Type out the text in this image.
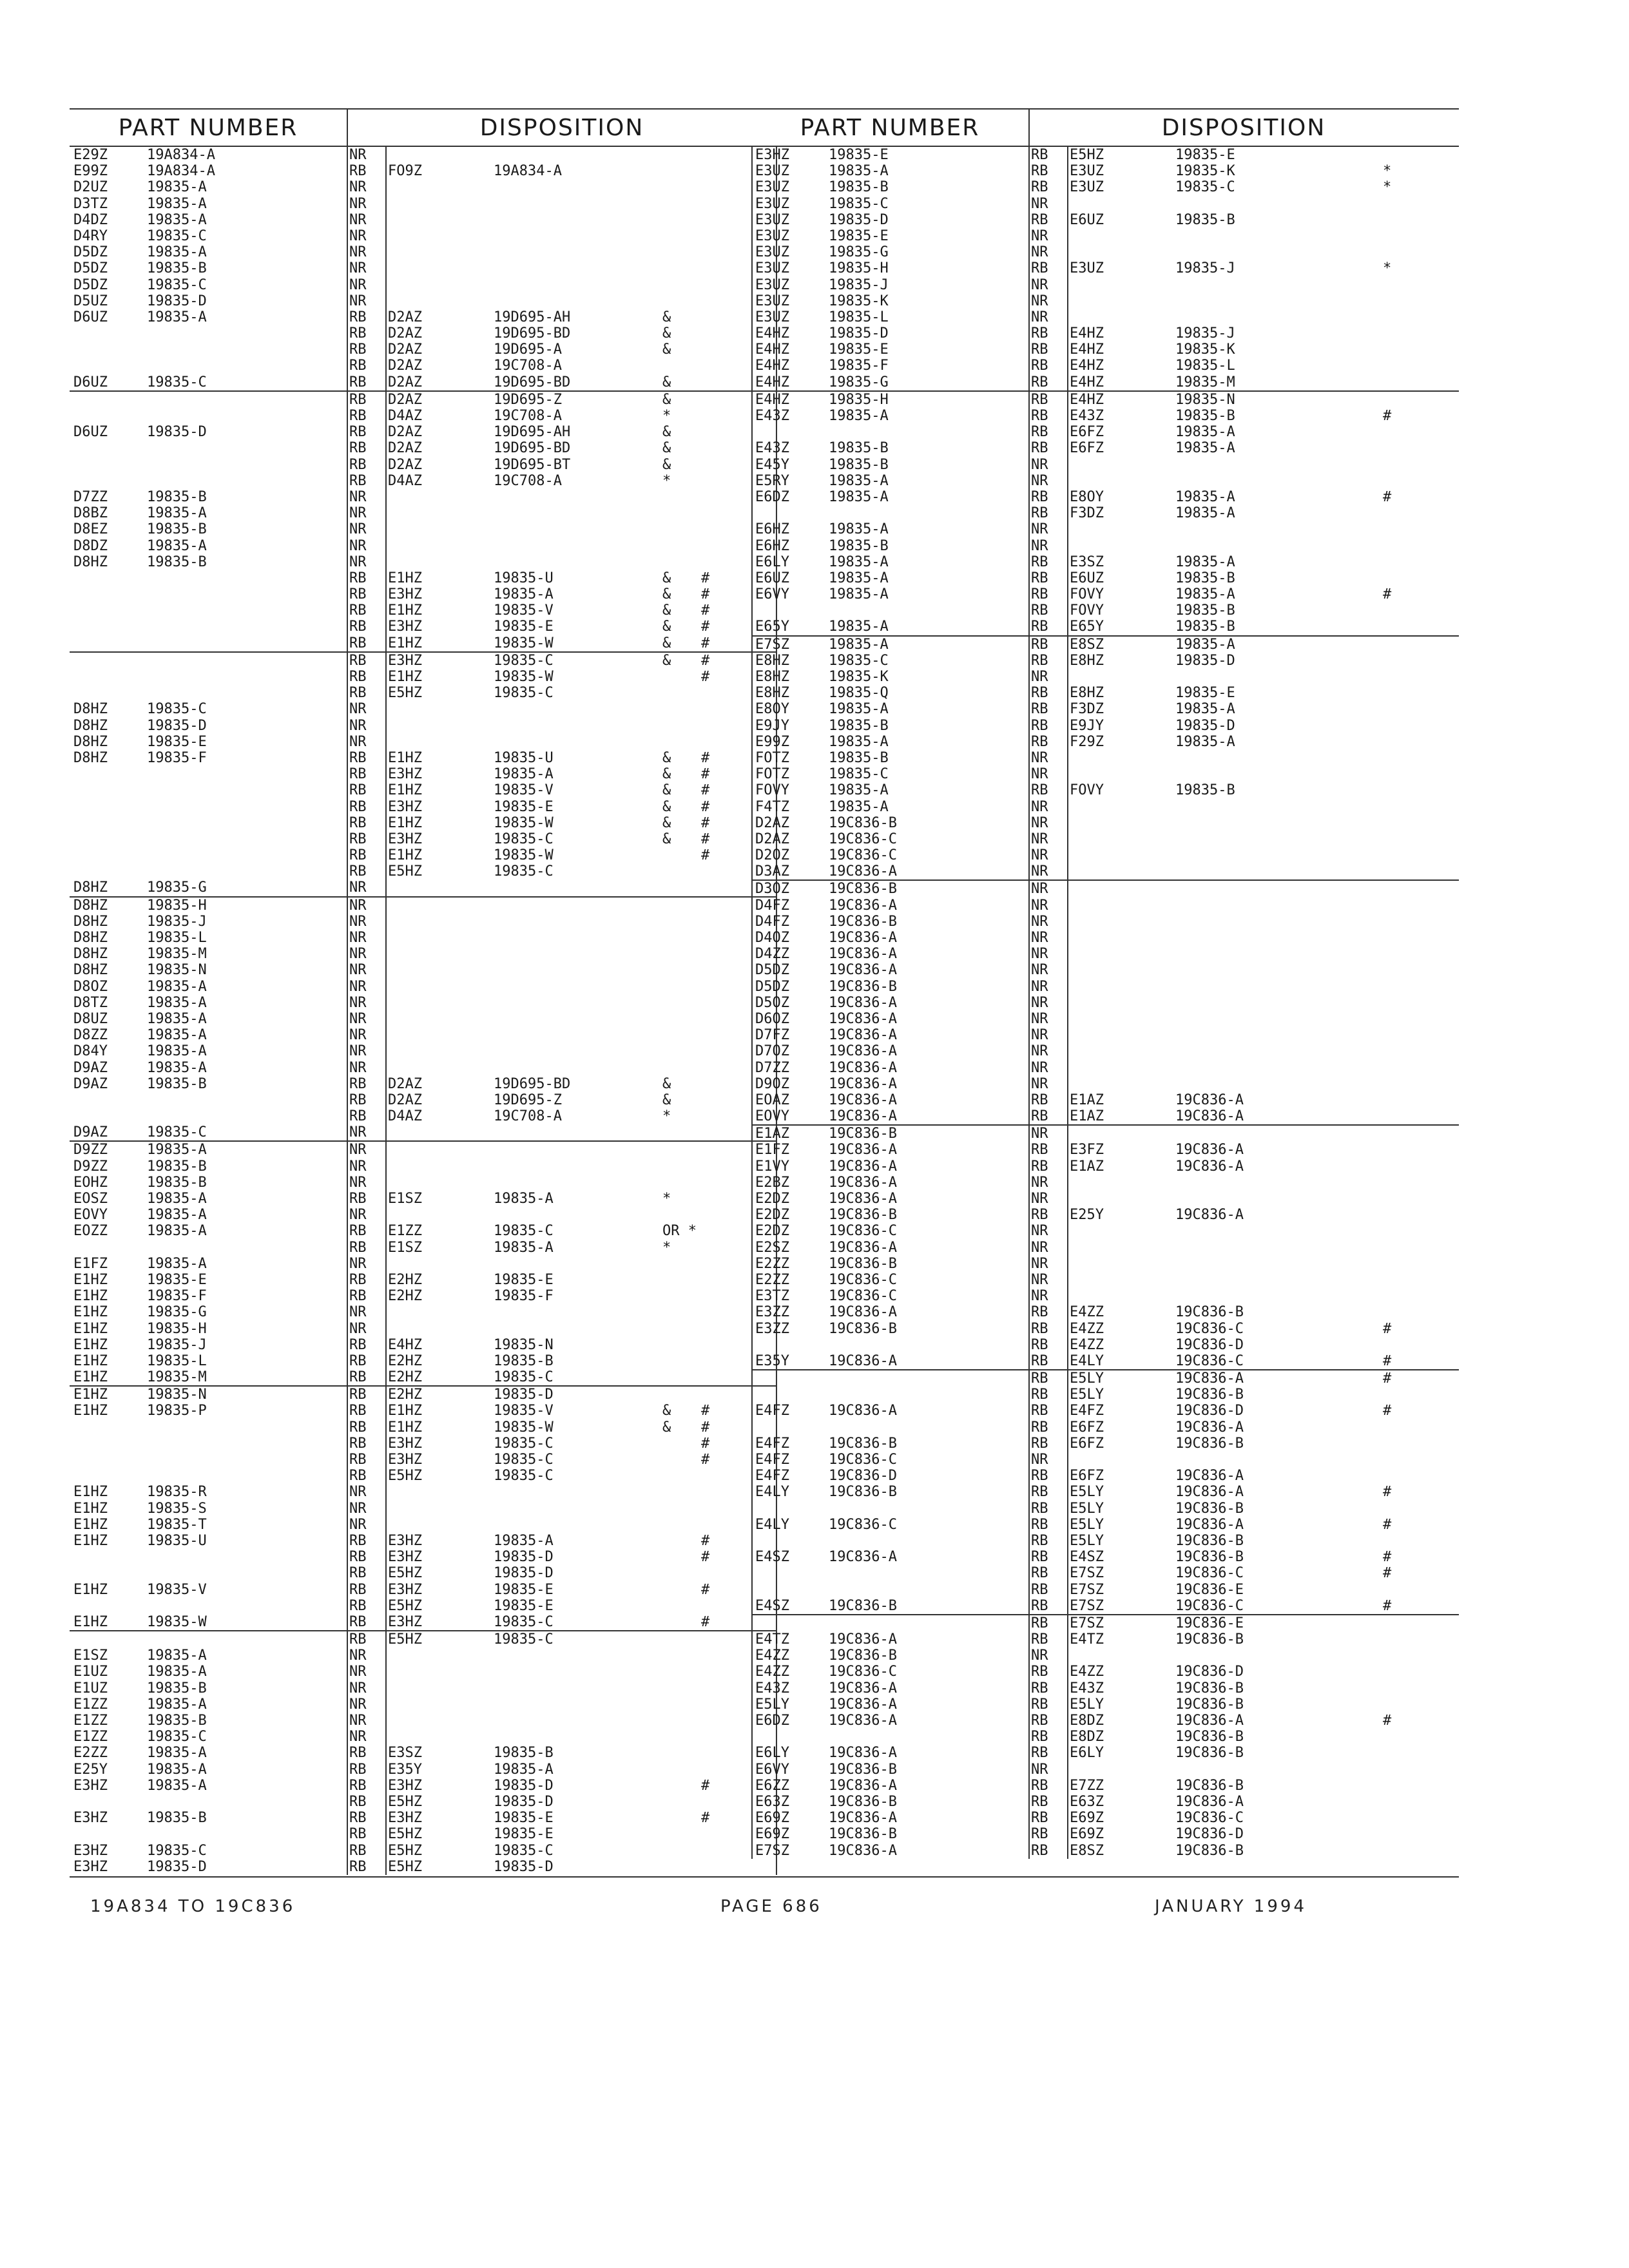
PART NUMBER	DISPOSITION
E29Z	19A834-A	NR
E99Z	19A834-A	RB FO9Z	19A834-A
D2UZ	19835-A	NR
D3TZ	19835-A	NR
D4DZ	19835-A	NR
D4RY	19835-C	NR
D5DZ	19835-A	NR
D5DZ	19835-B	NR
D5DZ	19835-C	NR
D5UZ	19835-D	NR
D6UZ	19835-A	RB D2AZ	19D695-AH	&
RB D2AZ	19D695-BD	&
RB D2AZ	19D695-A	&
RB D2AZ	19C708-A
D6UZ	19835-C	RB D2AZ	19D695-BD	&
RB D2AZ	19D695-Z	&
RB D4AZ	19C708-A	*
D6UZ	19835-D	RB D2AZ	19D695-AH	&
RB D2AZ	19D695-BD	&
RB D2AZ	19D695-BT	&
RB D4AZ	19C708-A	*
D7ZZ	19835-B	NR
D8BZ	19835-A	NR
D8EZ	19835-B	NR
D8DZ	19835-A	NR
D8HZ	19835-B	NR
RB E1HZ	19835-U	& #
RB E3HZ	19835-A	& #
RB E1HZ	19835-V	& #
RB E3HZ	19835-E	& #
RB E1HZ	19835-W	& #
RB E3HZ	19835-C	& #
RB E1HZ	19835-W	#
RB E5HZ	19835-C
D8HZ	19835-C	NR
D8HZ	19835-D	NR
D8HZ	19835-E	NR
D8HZ	19835-F	RB E1HZ	19835-U	& #
RB E3HZ	19835-A	& #
RB E1HZ	19835-V	& #
RB E3HZ	19835-E	& #
RB E1HZ	19835-W	& #
RB E3HZ	19835-C	& #
RB E1HZ	19835-W	#
RB E5HZ	19835-C
D8HZ	19835-G	NR
D8HZ	19835-H	NR
D8HZ	19835-J	NR
D8HZ	19835-L	NR
D8HZ	19835-M	NR
D8HZ	19835-N	NR
D8OZ	19835-A	NR
D8TZ	19835-A	NR
D8UZ	19835-A	NR
D8ZZ	19835-A	NR
D84Y	19835-A	NR
D9AZ	19835-A	NR
D9AZ	19835-B	RB D2AZ	19D695-BD	&
RB D2AZ	19D695-Z	&
RB D4AZ	19C708-A	*
D9AZ	19835-C	NR
D9ZZ	19835-A	NR
D9ZZ	19835-B	NR
EOHZ	19835-B	NR
EOSZ	19835-A	RB E1SZ	19835-A	*
EOVY	19835-A	NR
EOZZ	19835-A	RB E1ZZ	19835-C	OR *
RB E1SZ	19835-A	*
E1FZ	19835-A	NR
E1HZ	19835-E	RB E2HZ	19835-E
E1HZ	19835-F	RB E2HZ	19835-F
E1HZ	19835-G	NR
E1HZ	19835-H	NR
E1HZ	19835-J	RB E4HZ	19835-N
E1HZ	19835-L	RB E2HZ	19835-B
E1HZ	19835-M	RB E2HZ	19835-C
E1HZ	19835-N	RB E2HZ	19835-D
E1HZ	19835-P	RB E1HZ	19835-V	& #
RB E1HZ	19835-W	& #
RB E3HZ	19835-C	#
RB E3HZ	19835-C	#
RB E5HZ	19835-C
E1HZ	19835-R	NR
E1HZ	19835-S	NR
E1HZ	19835-T	NR
E1HZ	19835-U	RB E3HZ	19835-A	#
RB E3HZ	19835-D	#
RB E5HZ	19835-D
E1HZ	19835-V	RB E3HZ	19835-E	#
RB E5HZ	19835-E
E1HZ	19835-W	RB E3HZ	19835-C	#
RB E5HZ	19835-C
E1SZ	19835-A	NR
E1UZ	19835-A	NR
E1UZ	19835-B	NR
E1ZZ	19835-A	NR
E1ZZ	19835-B	NR
E1ZZ	19835-C	NR
E2ZZ	19835-A	RB E3SZ	19835-B
E25Y	19835-A	RB E35Y	19835-A
E3HZ	19835-A	RB E3HZ	19835-D	#
RB E5HZ	19835-D
E3HZ	19835-B	RB E3HZ	19835-E	#
RB E5HZ	19835-E
E3HZ	19835-C	RB E5HZ	19835-C
E3HZ	19835-D	RB E5HZ	19835-D
PART NUMBER	DISPOSITION
E3HZ	19835-E	RB E5HZ	19835-E
E3UZ	19835-A	RB E3UZ	19835-K	*
E3UZ	19835-B	RB E3UZ	19835-C	*
E3UZ	19835-C	NR
E3UZ	19835-D	RB E6UZ	19835-B
E3UZ	19835-E	NR
E3UZ	19835-G	NR
E3UZ	19835-H	RB E3UZ	19835-J	*
E3UZ	19835-J	NR
E3UZ	19835-K	NR
E3UZ	19835-L	NR
E4HZ	19835-D	RB E4HZ	19835-J
E4HZ	19835-E	RB E4HZ	19835-K
E4HZ	19835-F	RB E4HZ	19835-L
E4HZ	19835-G	RB E4HZ	19835-M
E4HZ	19835-H	RB E4HZ	19835-N
E43Z	19835-A	RB E43Z	19835-B	#
RB E6FZ	19835-A
E43Z	19835-B	RB E6FZ	19835-A
E45Y	19835-B	NR
E5RY	19835-A	NR
E6DZ	19835-A	RB E8OY	19835-A	#
RB F3DZ	19835-A
E6HZ	19835-A	NR
E6HZ	19835-B	NR
E6LY	19835-A	RB E3SZ	19835-A
E6UZ	19835-A	RB E6UZ	19835-B
E6VY	19835-A	RB FOVY	19835-A	#
RB FOVY	19835-B
E65Y	19835-A	RB E65Y	19835-B
E7SZ	19835-A	RB E8SZ	19835-A
E8HZ	19835-C	RB E8HZ	19835-D
E8HZ	19835-K	NR
E8HZ	19835-Q	RB E8HZ	19835-E
E8OY	19835-A	RB F3DZ	19835-A
E9JY	19835-B	RB E9JY	19835-D
E99Z	19835-A	RB F29Z	19835-A
FOTZ	19835-B	NR
FOTZ	19835-C	NR
FOVY	19835-A	RB FOVY	19835-B
F4TZ	19835-A	NR
D2AZ	19C836-B	NR
D2AZ	19C836-C	NR
D2OZ	19C836-C	NR
D3AZ	19C836-A	NR
D3OZ	19C836-B	NR
D4FZ	19C836-A	NR
D4FZ	19C836-B	NR
D4OZ	19C836-A	NR
D4ZZ	19C836-A	NR
D5DZ	19C836-A	NR
D5DZ	19C836-B	NR
D5OZ	19C836-A	NR
D6OZ	19C836-A	NR
D7FZ	19C836-A	NR
D7OZ	19C836-A	NR
D7ZZ	19C836-A	NR
D9OZ	19C836-A	NR
EOAZ	19C836-A	RB E1AZ	19C836-A
EOVY	19C836-A	RB E1AZ	19C836-A
E1AZ	19C836-B	NR
E1FZ	19C836-A	RB E3FZ	19C836-A
E1VY	19C836-A	RB E1AZ	19C836-A
E2BZ	19C836-A	NR
E2DZ	19C836-A	NR
E2DZ	19C836-B	RB E25Y	19C836-A
E2DZ	19C836-C	NR
E2SZ	19C836-A	NR
E2ZZ	19C836-B	NR
E2ZZ	19C836-C	NR
E3TZ	19C836-C	NR
E3ZZ	19C836-A	RB E4ZZ	19C836-B
E3ZZ	19C836-B	RB E4ZZ	19C836-C	#
RB E4ZZ	19C836-D
E35Y	19C836-A	RB E4LY	19C836-C	#
RB E5LY	19C836-A	#
RB E5LY	19C836-B
E4FZ	19C836-A	RB E4FZ	19C836-D	#
RB E6FZ	19C836-A
E4FZ	19C836-B	RB E6FZ	19C836-B
E4FZ	19C836-C	NR
E4FZ	19C836-D	RB E6FZ	19C836-A
E4LY	19C836-B	RB E5LY	19C836-A	#
RB E5LY	19C836-B
E4LY	19C836-C	RB E5LY	19C836-A	#
RB E5LY	19C836-B
E4SZ	19C836-A	RB E4SZ	19C836-B	#
RB E7SZ	19C836-C	#
RB E7SZ	19C836-E
E4SZ	19C836-B	RB E7SZ	19C836-C	#
RB E7SZ	19C836-E
E4TZ	19C836-A	RB E4TZ	19C836-B
E4ZZ	19C836-B	NR
E4ZZ	19C836-C	RB E4ZZ	19C836-D
E43Z	19C836-A	RB E43Z	19C836-B
E5LY	19C836-A	RB E5LY	19C836-B
E6DZ	19C836-A	RB E8DZ	19C836-A	#
RB E8DZ	19C836-B
E6LY	19C836-A	RB E6LY	19C836-B
E6VY	19C836-B	NR
E6ZZ	19C836-A	RB E7ZZ	19C836-B
E63Z	19C836-B	RB E63Z	19C836-A
E69Z	19C836-A	RB E69Z	19C836-C
E69Z	19C836-B	RB E69Z	19C836-D
E7SZ	19C836-A	RB E8SZ	19C836-B
19A834 TO 19C836	PAGE 686	JANUARY 1994
